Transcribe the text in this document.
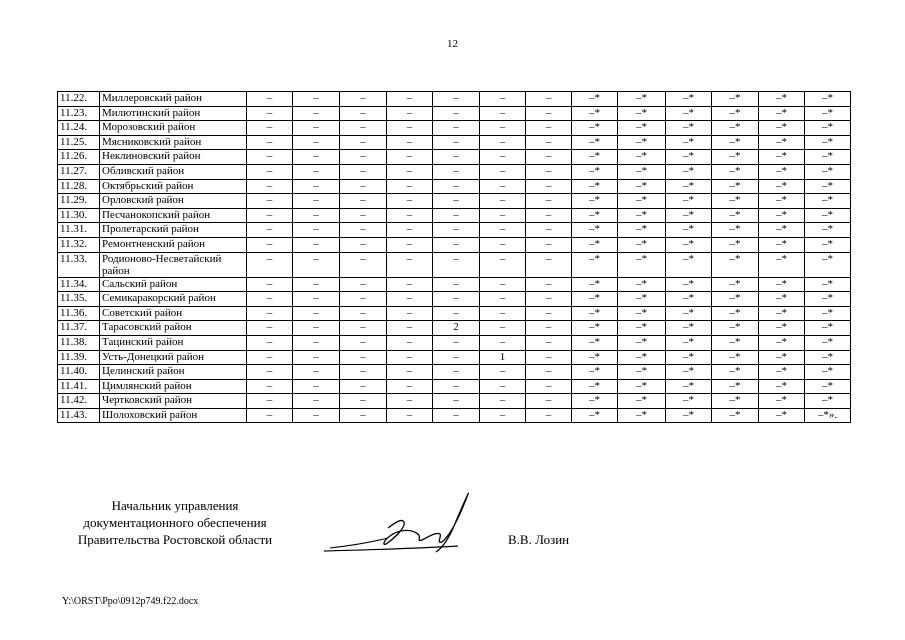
12
11.22.	Миллеровский район	–	–	–	–	–	–	–	–*	–*	–*	–*	–*	–*
11.23.	Милютинский район	–	–	–	–	–	–	–	–*	–*	–*	–*	–*	–*
11.24.	Морозовский район	–	–	–	–	–	–	–	–*	–*	–*	–*	–*	–*
11.25.	Мясниковский район	–	–	–	–	–	–	–	–*	–*	–*	–*	–*	–*
11.26.	Неклиновский район	–	–	–	–	–	–	–	–*	–*	–*	–*	–*	–*
11.27.	Обливский район	–	–	–	–	–	–	–	–*	–*	–*	–*	–*	–*
11.28.	Октябрьский район	–	–	–	–	–	–	–	–*	–*	–*	–*	–*	–*
11.29.	Орловский район	–	–	–	–	–	–	–	–*	–*	–*	–*	–*	–*
11.30.	Песчанокопский район	–	–	–	–	–	–	–	–*	–*	–*	–*	–*	–*
11.31.	Пролетарский район	–	–	–	–	–	–	–	–*	–*	–*	–*	–*	–*
11.32.	Ремонтненский район	–	–	–	–	–	–	–	–*	–*	–*	–*	–*	–*
11.33.	Родионово-Несветайский район	–	–	–	–	–	–	–	–*	–*	–*	–*	–*	–*
11.34.	Сальский район	–	–	–	–	–	–	–	–*	–*	–*	–*	–*	–*
11.35.	Семикаракорский район	–	–	–	–	–	–	–	–*	–*	–*	–*	–*	–*
11.36.	Советский район	–	–	–	–	–	–	–	–*	–*	–*	–*	–*	–*
11.37.	Тарасовский район	–	–	–	–	2	–	–	–*	–*	–*	–*	–*	–*
11.38.	Тацинский район	–	–	–	–	–	–	–	–*	–*	–*	–*	–*	–*
11.39.	Усть-Донецкий район	–	–	–	–	–	1	–	–*	–*	–*	–*	–*	–*
11.40.	Целинский район	–	–	–	–	–	–	–	–*	–*	–*	–*	–*	–*
11.41.	Цимлянский район	–	–	–	–	–	–	–	–*	–*	–*	–*	–*	–*
11.42.	Чертковский район	–	–	–	–	–	–	–	–*	–*	–*	–*	–*	–*
11.43.	Шолоховский район	–	–	–	–	–	–	–	–*	–*	–*	–*	–*	–*».
Начальник управления
документационного обеспечения
Правительства Ростовской области	В.В. Лозин
Y:\ORST\Ppo\0912p749.f22.docx
